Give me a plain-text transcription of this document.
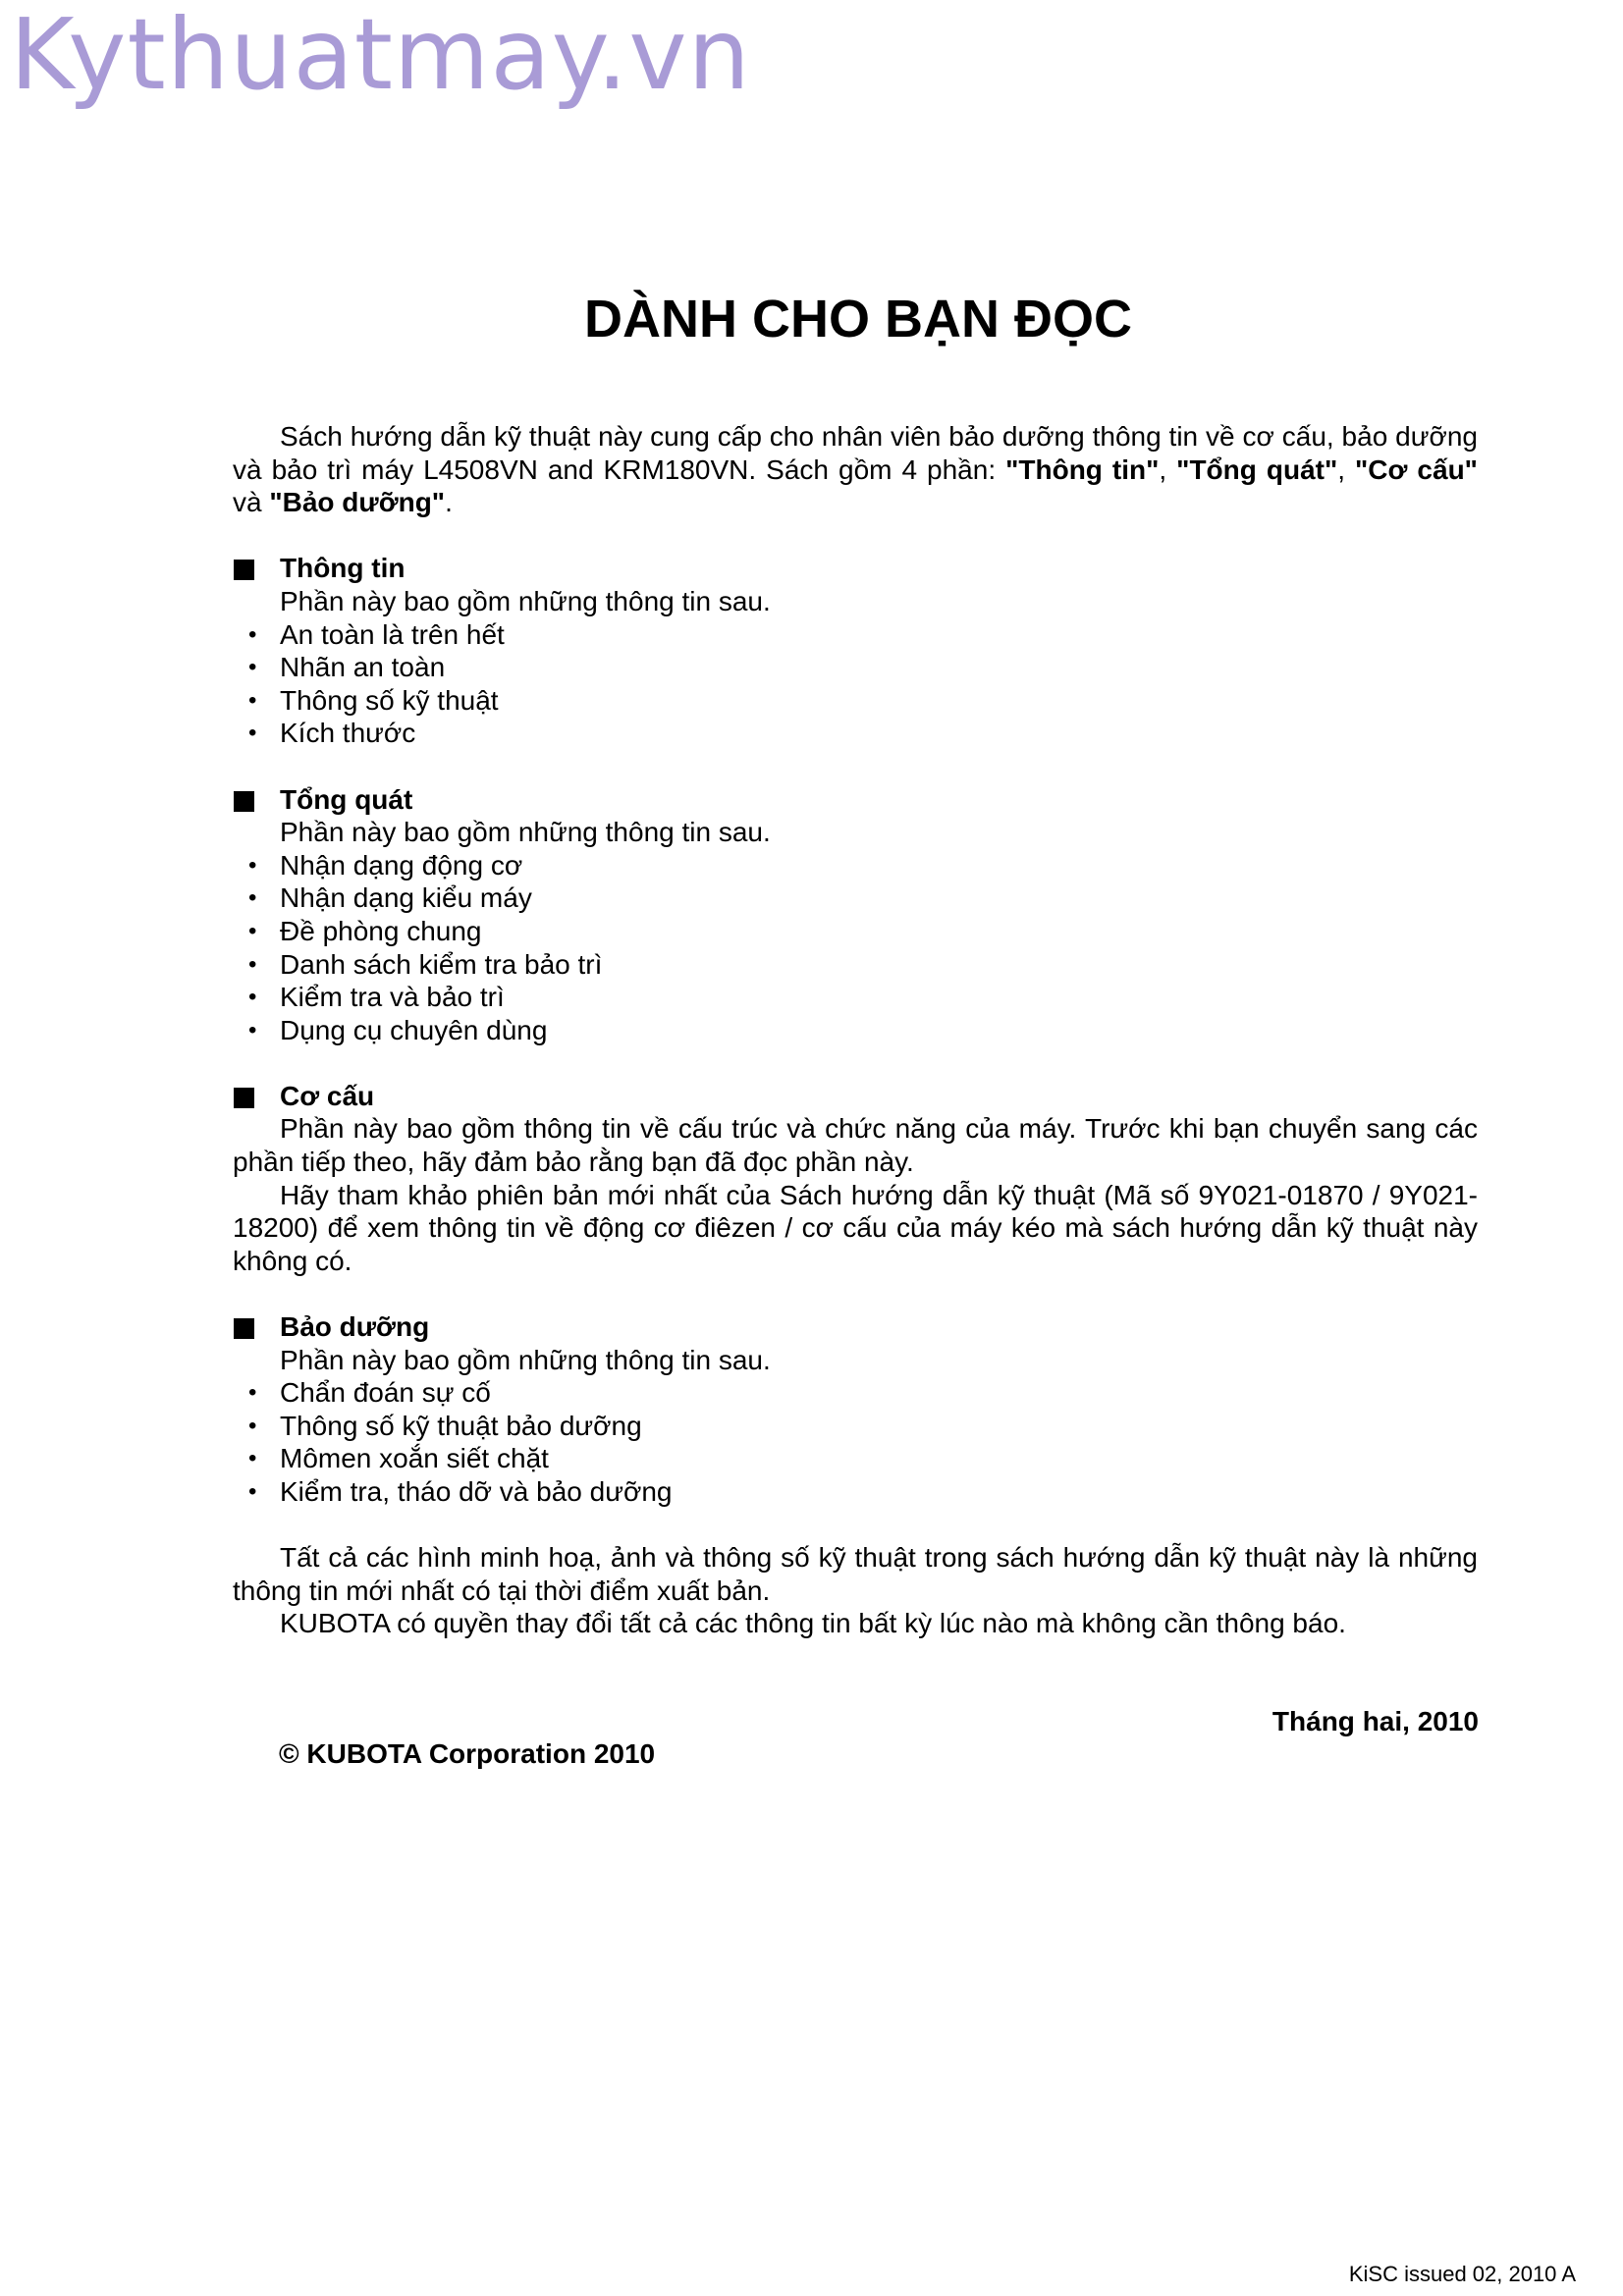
Kythuatmay.vn
DÀNH CHO BẠN ĐỌC

Sách hướng dẫn kỹ thuật này cung cấp cho nhân viên bảo dưỡng thông tin về cơ cấu, bảo dưỡng và bảo trì máy L4508VN and KRM180VN. Sách gồm 4 phần: "Thông tin", "Tổng quát", "Cơ cấu" và "Bảo dưỡng".

Thông tin

Phần này bao gồm những thông tin sau.

• An toàn là trên hết
• Nhãn an toàn
• Thông số kỹ thuật
• Kích thước

Tổng quát

Phần này bao gồm những thông tin sau.

• Nhận dạng động cơ
• Nhận dạng kiểu máy
• Đề phòng chung
• Danh sách kiểm tra bảo trì
• Kiểm tra và bảo trì
• Dụng cụ chuyên dùng

Cơ cấu

Phần này bao gồm thông tin về cấu trúc và chức năng của máy. Trước khi bạn chuyển sang các phần tiếp theo, hãy đảm bảo rằng bạn đã đọc phần này.

Hãy tham khảo phiên bản mới nhất của Sách hướng dẫn kỹ thuật (Mã số 9Y021-01870 / 9Y021-18200) để xem thông tin về động cơ điêzen / cơ cấu của máy kéo mà sách hướng dẫn kỹ thuật này không có.

Bảo dưỡng

Phần này bao gồm những thông tin sau.

• Chẩn đoán sự cố
• Thông số kỹ thuật bảo dưỡng
• Mômen xoắn siết chặt
• Kiểm tra, tháo dỡ và bảo dưỡng

Tất cả các hình minh hoạ, ảnh và thông số kỹ thuật trong sách hướng dẫn kỹ thuật này là những thông tin mới nhất có tại thời điểm xuất bản.

KUBOTA có quyền thay đổi tất cả các thông tin bất kỳ lúc nào mà không cần thông báo.

Tháng hai, 2010
© KUBOTA Corporation 2010
KiSC issued 02, 2010 A
